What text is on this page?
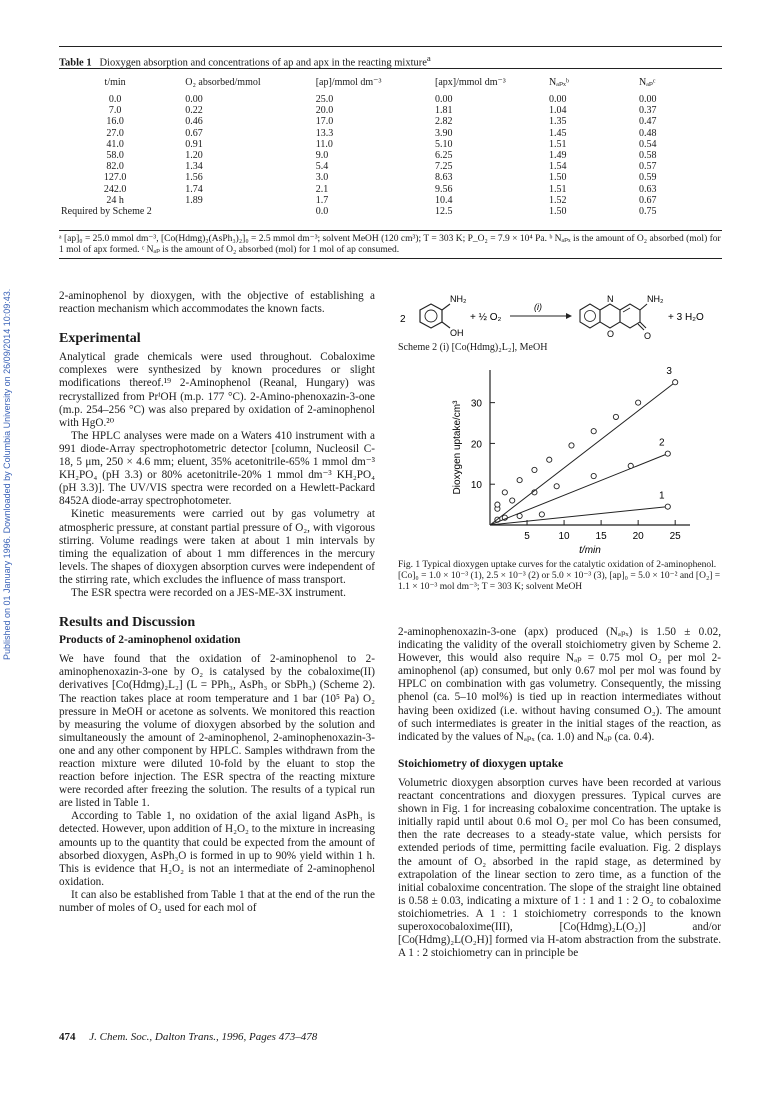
Published on 01 January 1996. Downloaded by Columbia University on 26/09/2014 10:09:43.
Table 1 Dioxygen absorption and concentrations of ap and apx in the reacting mixture$^a$
t/min	O₂ absorbed/mmol	[ap]/mmol dm⁻³	[apx]/mmol dm⁻³	Nₐₚₓᵇ	Nₐₚᶜ
0.0	0.00	25.0	0.00	0.00	0.00
7.0	0.22	20.0	1.81	1.04	0.37
16.0	0.46	17.0	2.82	1.35	0.47
27.0	0.67	13.3	3.90	1.45	0.48
41.0	0.91	11.0	5.10	1.51	0.54
58.0	1.20	9.0	6.25	1.49	0.58
82.0	1.34	5.4	7.25	1.54	0.57
127.0	1.56	3.0	8.63	1.50	0.59
242.0	1.74	2.1	9.56	1.51	0.63
24 h	1.89	1.7	10.4	1.52	0.67
Required by Scheme 2		0.0	12.5	1.50	0.75
ᵃ [ap]₀ = 25.0 mmol dm⁻³, [Co(Hdmg)₂(AsPh₃)₂]₀ = 2.5 mmol dm⁻³; solvent MeOH (120 cm³); T = 303 K; P_O₂ = 7.9 × 10⁴ Pa. ᵇ Nₐₚₓ is the amount of O₂ absorbed (mol) for 1 mol of apx formed. ᶜ Nₐₚ is the amount of O₂ absorbed (mol) for 1 mol of ap consumed.

2-aminophenol by dioxygen, with the objective of establishing a reaction mechanism which accommodates the known facts.

Experimental

Analytical grade chemicals were used throughout. Cobaloxime complexes were synthesized by known procedures or slight modifications thereof.¹⁹ 2-Aminophenol (Reanal, Hungary) was recrystallized from PrⁱOH (m.p. 177 °C). 2-Amino-phenoxazin-3-one (m.p. 254–256 °C) was also prepared by oxidation of 2-aminophenol with HgO.²⁰

The HPLC analyses were made on a Waters 410 instrument with a 991 diode-Array spectrophotometric detector [column, Nucleosil C-18, 5 μm, 250 × 4.6 mm; eluent, 35% acetonitrile-65% 1 mmol dm⁻³ KH₂PO₄ (pH 3.3) or 80% acetonitrile-20% 1 mmol dm⁻³ KH₂PO₄ (pH 3.3)]. The UV/VIS spectra were recorded on a Hewlett-Packard 8452A diode-array spectrophotometer.

Kinetic measurements were carried out by gas volumetry at atmospheric pressure, at constant partial pressure of O₂, with vigorous stirring. Volume readings were taken at about 1 min intervals by timing the equalization of about 1 mm differences in the mercury levels. The shapes of dioxygen absorption curves were independent of the stirring rate, which excludes the influence of mass transport.

The ESR spectra were recorded on a JES-ME-3X instrument.

Results and Discussion

Products of 2-aminophenol oxidation

We have found that the oxidation of 2-aminophenol to 2-aminophenoxazin-3-one by O₂ is catalysed by the cobaloxime(II) derivatives [Co(Hdmg)₂L₂] (L = PPh₃, AsPh₃ or SbPh₃) (Scheme 2). The reaction takes place at room temperature and 1 bar (10⁵ Pa) O₂ pressure in MeOH or acetone as solvents. We monitored this reaction by measuring the volume of dioxygen absorbed by the solution and simultaneously the amount of 2-aminophenol, 2-aminophenoxazin-3-one and any other component by HPLC. Samples withdrawn from the reaction mixture were diluted 10-fold by the eluant to stop the reaction before injection. The ESR spectra of the reacting mixture were recorded after freezing the solution. The results of a typical run are listed in Table 1.

According to Table 1, no oxidation of the axial ligand AsPh₃ is detected. However, upon addition of H₂O₂ to the mixture in increasing amounts up to the quantity that could be expected from the amount of absorbed dioxygen, AsPh₃O is formed in up to 90% yield within 1 h. This is evidence that H₂O₂ is not an intermediate of 2-aminophenol oxidation.

It can also be established from Table 1 that at the end of the run the number of moles of O₂ used for each mol of

2
NH₂
OH
+ ½ O₂
(i)
N
O
NH₂
O
+ 3 H₂O
Scheme 2 (i) [Co(Hdmg)₂L₂], MeOH
5	10	15	20	25
10
20
30
t/min
Dioxygen uptake/cm³
1
2
3
Fig. 1 Typical dioxygen uptake curves for the catalytic oxidation of 2-aminophenol. [Co]₀ = 1.0 × 10⁻³ (1), 2.5 × 10⁻³ (2) or 5.0 × 10⁻³ (3), [ap]₀ = 5.0 × 10⁻² and [O₂] = 1.1 × 10⁻³ mol dm⁻³; T = 303 K; solvent MeOH

2-aminophenoxazin-3-one (apx) produced (Nₐₚₓ) is 1.50 ± 0.02, indicating the validity of the overall stoichiometry given by Scheme 2. However, this would also require Nₐₚ = 0.75 mol O₂ per mol 2-aminophenol (ap) consumed, but only 0.67 mol per mol was found by HPLC on combination with gas volumetry. Consequently, the missing phenol (ca. 5–10 mol%) is tied up in reaction intermediates without having been oxidized (i.e. without having consumed O₂). The amount of such intermediates is greater in the initial stages of the reaction, as indicated by the values of Nₐₚₓ (ca. 1.0) and Nₐₚ (ca. 0.4).

Stoichiometry of dioxygen uptake

Volumetric dioxygen absorption curves have been recorded at various reactant concentrations and dioxygen pressures. Typical curves are shown in Fig. 1 for increasing cobaloxime concentration. The uptake is initially rapid until about 0.6 mol O₂ per mol Co has been consumed, then the rate decreases to a steady-state value, which persists for extended periods of time, permitting facile evaluation. Fig. 2 displays the amount of O₂ absorbed in the rapid stage, as determined by extrapolation of the linear section to zero time, as a function of the initial cobaloxime concentration. The slope of the straight line obtained is 0.58 ± 0.03, indicating a mixture of 1 : 1 and 1 : 2 O₂ to cobaloxime stoichiometries. A 1 : 1 stoichiometry corresponds to the known superoxocobaloxime(III), [Co(Hdmg)₂L(O₂)] and/or [Co(Hdmg)₂L(O₂H)] formed via H-atom abstraction from the substrate. A 1 : 2 stoichiometry can in principle be

474 J. Chem. Soc., Dalton Trans., 1996, Pages 473–478
